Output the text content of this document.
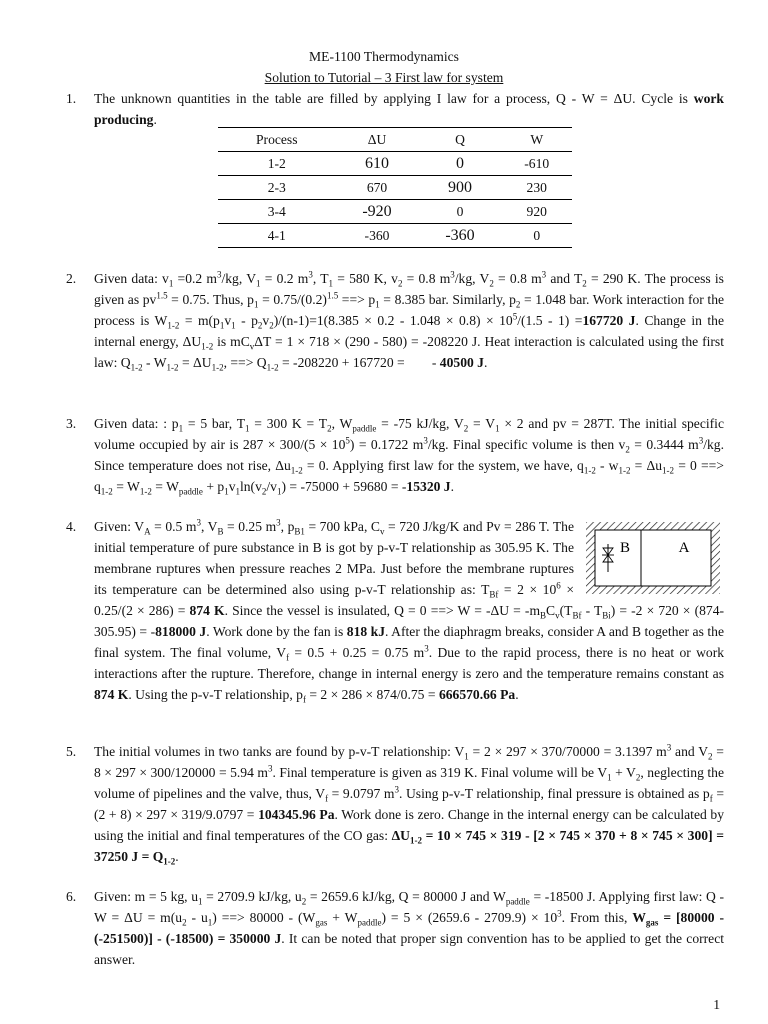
ME-1100 Thermodynamics
Solution to Tutorial – 3 First law for system
1. The unknown quantities in the table are filled by applying I law for a process, Q - W = ΔU. Cycle is work producing.
Process	ΔU	Q	W
1-2	610	0	-610
2-3	670	900	230
3-4	-920	0	920
4-1	-360	-360	0
2. Given data: $v_1 =0.2$ $m^3/kg$, $V_1 = 0.2$ $m^3$, $T_1 = 580$ K, $v_2 = 0.8$ $m^3/kg$, $V_2 = 0.8$ $m^3$ and $T_2 = 290$ K. The process is given as $pv^{1.5} = 0.75$. Thus, $p_1 = 0.75/(0.2)^{1.5}$ ==> $p_1 = 8.385$ bar. Similarly, $p_2 = 1.048$ bar. Work interaction for the process is $W_{1-2} = m(p_1v_1 - p_2v_2)/(n-1)=1(8.385 \times 0.2 - 1.048 \times 0.8) \times 10^5/(1.5 - 1) =167720$ J. Change in the internal energy, $\Delta U_{1-2}$ is $mC_v\Delta T = 1 \times 718 \times (290 - 580) = -208220$ J. Heat interaction is calculated using the first law: $Q_{1-2} - W_{1-2} = \Delta U_{1-2}$, ==> $Q_{1-2} = -208220 + 167720$ =        - 40500 J.
3. Given data: : $p_1 = 5$ bar, $T_1 = 300$ $K = T_2$, $W_{paddle} = -75$ kJ/kg, $V_2 = V_1 \times 2$ and pv = 287T. The initial specific volume occupied by air is $287 \times 300/(5 \times 10^5) = 0.1722$ $m^3/kg$. Final specific volume is then $v_2 = 0.3444$ $m^3/kg$. Since temperature does not rise, $\Delta u_{1-2} = 0$. Applying first law for the system, we have, $q_{1-2} - w_{1-2} = \Delta u_{1-2} = 0$ ==> $q_{1-2} = W_{1-2} = W_{paddle} + p_1v_1\ln(v_2/v_1) = -75000 + 59680 = -15320$ J.
4. Given: $V_A = 0.5$ $m^3$, $V_B = 0.25$ $m^3$, $p_{B1} = 700$ kPa, $C_v = 720$ J/kg/K and Pv = 286 T. The initial temperature of pure substance in B is got by p-v-T relationship as 305.95 K. The membrane ruptures when pressure reaches 2 MPa. Just before the membrane ruptures its temperature can be determined also using p-v-T relationship as: $T_{Bf} = 2 \times 10^6 \times 0.25/(2 \times 286) = 874$ K. Since the vessel is insulated, Q = 0 ==> $W = -\Delta U = -m_BC_v(T_{Bf} - T_{Bi}) = -2 \times 720 \times (874-305.95) = -818000$ J. Work done by the fan is 818 kJ. After the diaphragm breaks, consider A and B together as the final system. The final volume, $V_f = 0.5 + 0.25 = 0.75$ $m^3$. Due to the rapid process, there is no heat or work interactions after the rupture. Therefore, change in internal energy is zero and the temperature remains constant as 874 K. Using the p-v-T relationship, $p_f = 2 \times 286 \times 874/0.75 = 666570.66$ Pa.
B	A
5. The initial volumes in two tanks are found by p-v-T relationship: $V_1 = 2 \times 297 \times 370/70000 = 3.1397$ $m^3$ and $V_2 = 8 \times 297 \times 300/120000 = 5.94$ $m^3$. Final temperature is given as 319 K. Final volume will be $V_1 + V_2$, neglecting the volume of pipelines and the valve, thus, $V_f = 9.0797$ $m^3$. Using p-v-T relationship, final pressure is obtained as $p_f = (2 + 8) \times 297 \times 319/9.0797 = 104345.96$ Pa. Work done is zero. Change in the internal energy can be calculated by using the initial and final temperatures of the CO gas: $\Delta U_{1-2} = 10 \times 745 \times 319 - [2 \times 745 \times 370 + 8 \times 745 \times 300] = 37250$ $J = Q_{1-2}$.
6. Given: m = 5 kg, $u_1 = 2709.9$ kJ/kg, $u_2 = 2659.6$ kJ/kg, Q = 80000 J and $W_{paddle} = -18500$ J. Applying first law: $Q - W = \Delta U = m(u_2 - u_1)$ ==> $80000 - (W_{gas} + W_{paddle}) = 5 \times (2659.6 - 2709.9) \times 10^3$. From this, $W_{gas} = [80000 - (-251500)] - (-18500) = 350000$ J. It can be noted that proper sign convention has to be applied to get the correct answer.
1
